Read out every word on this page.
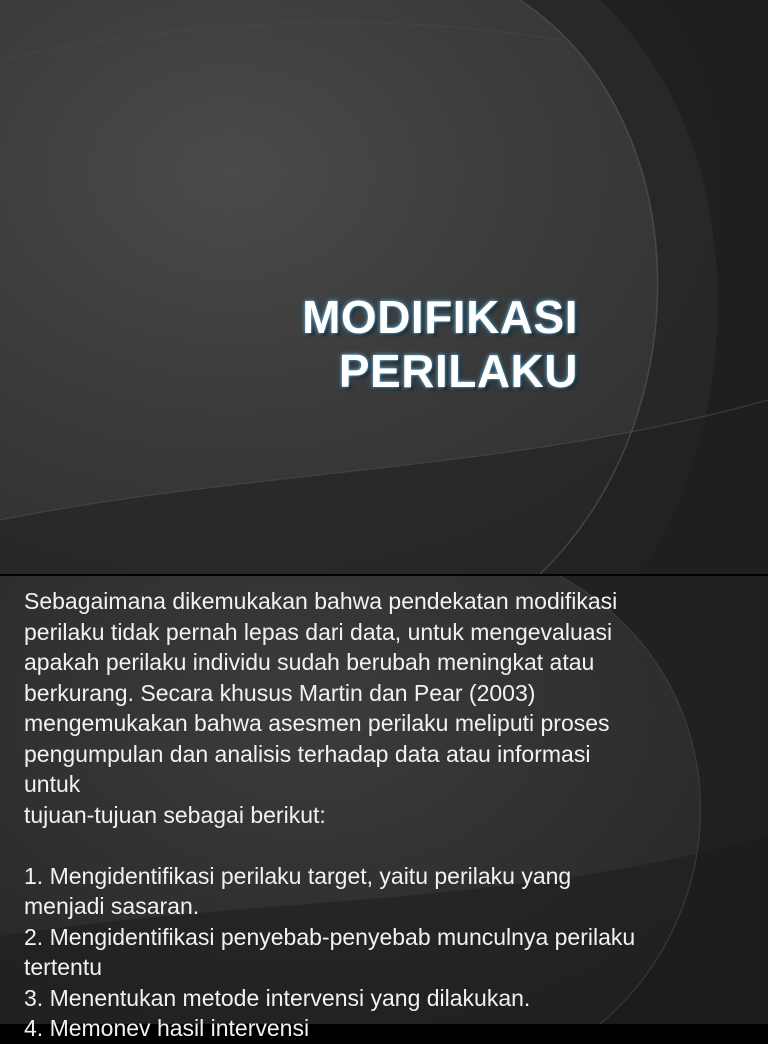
MODIFIKASI
PERILAKU
Sebagaimana dikemukakan bahwa pendekatan modifikasi
perilaku tidak pernah lepas dari data, untuk mengevaluasi
apakah perilaku individu sudah berubah meningkat atau
berkurang. Secara khusus Martin dan Pear (2003)
mengemukakan bahwa asesmen perilaku meliputi proses
pengumpulan dan analisis terhadap data atau informasi
untuk
tujuan-tujuan sebagai berikut:

1. Mengidentifikasi perilaku target, yaitu perilaku yang
menjadi sasaran.
2. Mengidentifikasi penyebab-penyebab munculnya perilaku
tertentu
3. Menentukan metode intervensi yang dilakukan.
4. Memonev hasil intervensi
